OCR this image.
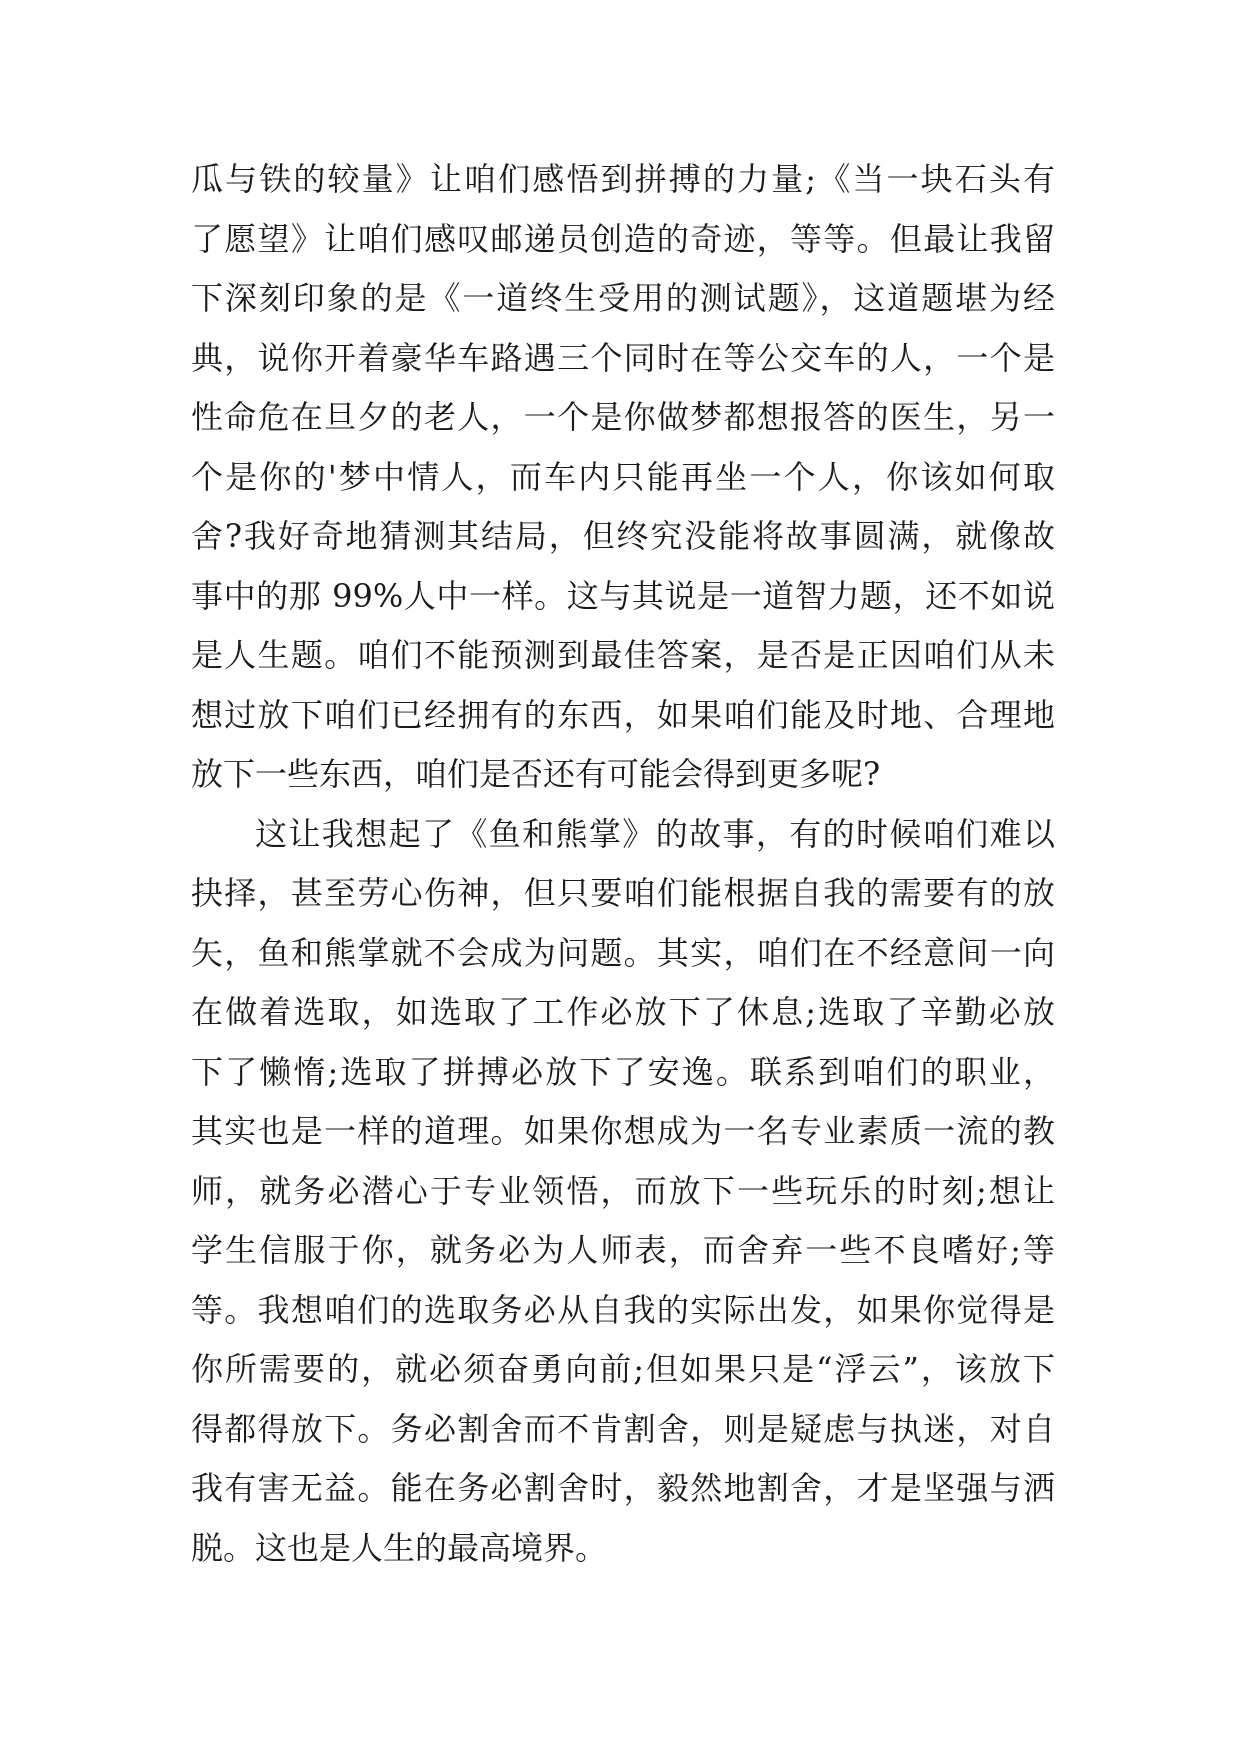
瓜与铁的较量》让咱们感悟到拼搏的力量;《当一块石头有
了愿望》让咱们感叹邮递员创造的奇迹，等等。但最让我留
下深刻印象的是《一道终生受用的测试题》，这道题堪为经
典，说你开着豪华车路遇三个同时在等公交车的人，一个是
性命危在旦夕的老人，一个是你做梦都想报答的医生，另一
个是你的'梦中情人，而车内只能再坐一个人，你该如何取
舍?我好奇地猜测其结局，但终究没能将故事圆满，就像故
事中的那 99%人中一样。这与其说是一道智力题，还不如说
是人生题。咱们不能预测到最佳答案，是否是正因咱们从未
想过放下咱们已经拥有的东西，如果咱们能及时地、合理地
放下一些东西，咱们是否还有可能会得到更多呢?
这让我想起了《鱼和熊掌》的故事，有的时候咱们难以
抉择，甚至劳心伤神，但只要咱们能根据自我的需要有的放
矢，鱼和熊掌就不会成为问题。其实，咱们在不经意间一向
在做着选取，如选取了工作必放下了休息;选取了辛勤必放
下了懒惰;选取了拼搏必放下了安逸。联系到咱们的职业，
其实也是一样的道理。如果你想成为一名专业素质一流的教
师，就务必潜心于专业领悟，而放下一些玩乐的时刻;想让
学生信服于你，就务必为人师表，而舍弃一些不良嗜好;等
等。我想咱们的选取务必从自我的实际出发，如果你觉得是
你所需要的，就必须奋勇向前;但如果只是“浮云”，该放下
得都得放下。务必割舍而不肯割舍，则是疑虑与执迷，对自
我有害无益。能在务必割舍时，毅然地割舍，才是坚强与洒
脱。这也是人生的最高境界。
